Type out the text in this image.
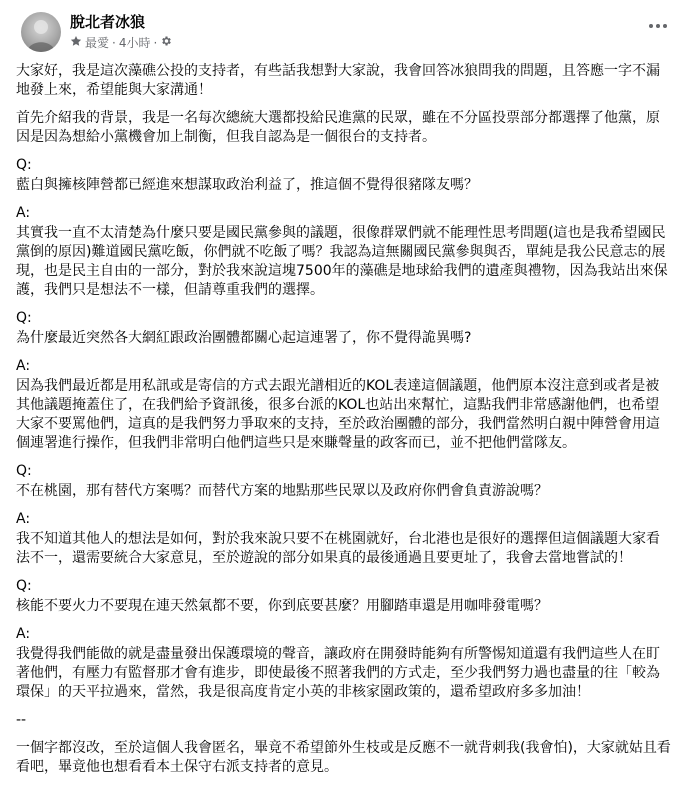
脫北者冰狼
最愛 · 4小時 ·

大家好，我是這次藻礁公投的支持者，有些話我想對大家說，我會回答冰狼問我的問題，且答應一字不漏地發上來，希望能與大家溝通！

首先介紹我的背景，我是一名每次總統大選都投給民進黨的民眾，雖在不分區投票部分都選擇了他黨，原因是因為想給小黨機會加上制衡，但我自認為是一個很台的支持者。

Q:

藍白與擁核陣營都已經進來想謀取政治利益了，推這個不覺得很豬隊友嗎？

A:

其實我一直不太清楚為什麼只要是國民黨參與的議題，很像群眾們就不能理性思考問題(這也是我希望國民黨倒的原因)難道國民黨吃飯，你們就不吃飯了嗎？我認為這無關國民黨參與與否，單純是我公民意志的展現，也是民主自由的一部分，對於我來說這塊7500年的藻礁是地球給我們的遺產與禮物，因為我站出來保護，我們只是想法不一樣，但請尊重我們的選擇。

Q:

為什麼最近突然各大網紅跟政治團體都關心起這連署了，你不覺得詭異嗎?

A:

因為我們最近都是用私訊或是寄信的方式去跟光譜相近的KOL表達這個議題，他們原本沒注意到或者是被其他議題掩蓋住了，在我們給予資訊後，很多台派的KOL也站出來幫忙，這點我們非常感謝他們，也希望大家不要罵他們，這真的是我們努力爭取來的支持，至於政治團體的部分，我們當然明白親中陣營會用這個連署進行操作，但我們非常明白他們這些只是來賺聲量的政客而已，並不把他們當隊友。

Q:

不在桃園，那有替代方案嗎？而替代方案的地點那些民眾以及政府你們會負責游說嗎？

A:

我不知道其他人的想法是如何，對於我來說只要不在桃園就好，台北港也是很好的選擇但這個議題大家看法不一，還需要統合大家意見，至於遊說的部分如果真的最後通過且要更址了，我會去當地嘗試的！

Q:

核能不要火力不要現在連天然氣都不要，你到底要甚麼？用腳踏車還是用咖啡發電嗎？

A:

我覺得我們能做的就是盡量發出保護環境的聲音，讓政府在開發時能夠有所警惕知道還有我們這些人在盯著他們，有壓力有監督那才會有進步，即使最後不照著我們的方式走，至少我們努力過也盡量的往「較為環保」的天平拉過來，當然，我是很高度肯定小英的非核家園政策的，還希望政府多多加油！

--

一個字都沒改，至於這個人我會匿名，畢竟不希望節外生枝或是反應不一就背刺我(我會怕)，大家就姑且看看吧，畢竟他也想看看本土保守右派支持者的意見。
